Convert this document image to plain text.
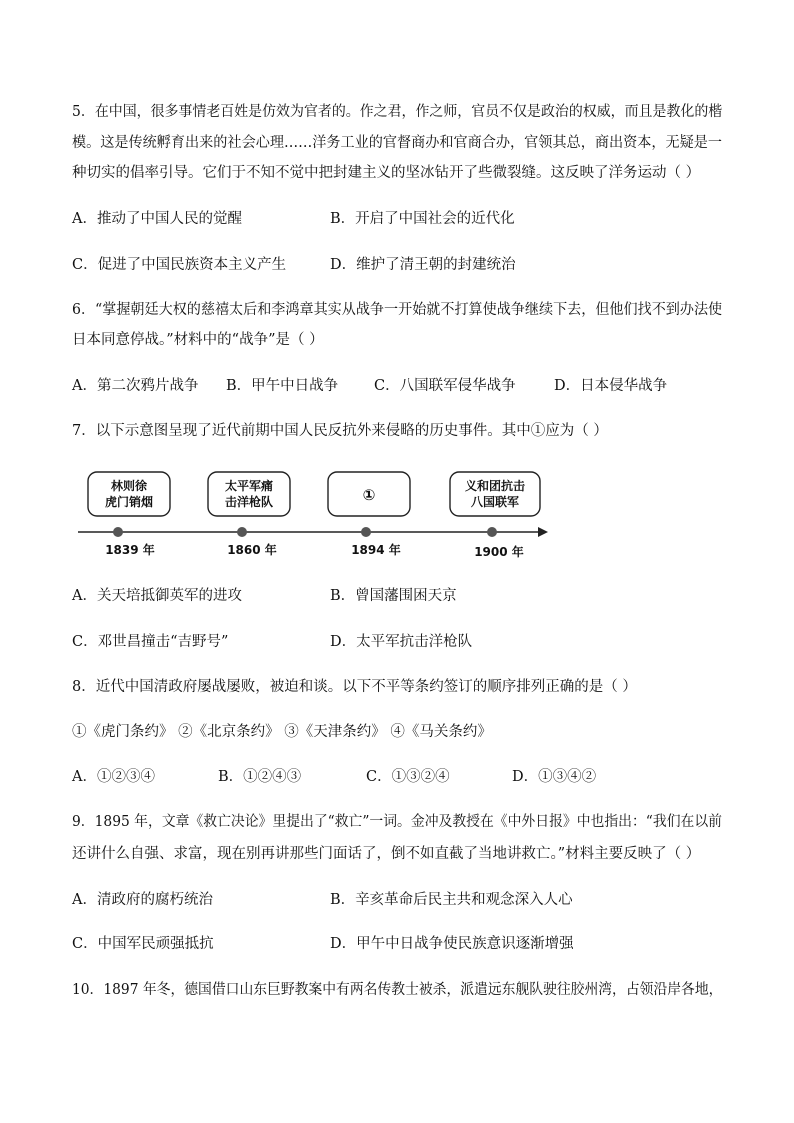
5．在中国，很多事情老百姓是仿效为官者的。作之君，作之师，官员不仅是政治的权威，而且是教化的楷
模。这是传统孵育出来的社会心理……洋务工业的官督商办和官商合办，官领其总，商出资本，无疑是一
种切实的倡率引导。它们于不知不觉中把封建主义的坚冰钻开了些微裂缝。这反映了洋务运动（ ）
A．推动了中国人民的觉醒	B．开启了中国社会的近代化
C．促进了中国民族资本主义产生	D．维护了清王朝的封建统治
6．“掌握朝廷大权的慈禧太后和李鸿章其实从战争一开始就不打算使战争继续下去，但他们找不到办法使
日本同意停战。”材料中的“战争”是（ ）
A．第二次鸦片战争 B．甲午中日战争 C．八国联军侵华战争	D．日本侵华战争
7．以下示意图呈现了近代前期中国人民反抗外来侵略的历史事件。其中①应为（ ）
林则徐
虎门销烟
太平军痛
击洋枪队	①	义和团抗击
八国联军
1839 年	1860 年	1894 年	1900 年
A．关天培抵御英军的进攻	B．曾国藩围困天京
C．邓世昌撞击“吉野号”	D．太平军抗击洋枪队
8．近代中国清政府屡战屡败，被迫和谈。以下不平等条约签订的顺序排列正确的是（ ）
①《虎门条约》 ②《北京条约》 ③《天津条约》 ④《马关条约》
A．①②③④	B．①②④③	C．①③②④	D．①③④②
9．1895 年，文章《救亡决论》里提出了“救亡”一词。金冲及教授在《中外日报》中也指出：“我们在以前
还讲什么自强、求富，现在别再讲那些门面话了，倒不如直截了当地讲救亡。”材料主要反映了（ ）
A．清政府的腐朽统治	B．辛亥革命后民主共和观念深入人心
C．中国军民顽强抵抗	D．甲午中日战争使民族意识逐渐增强
10．1897 年冬，德国借口山东巨野教案中有两名传教士被杀，派遣远东舰队驶往胶州湾，占领沿岸各地，
